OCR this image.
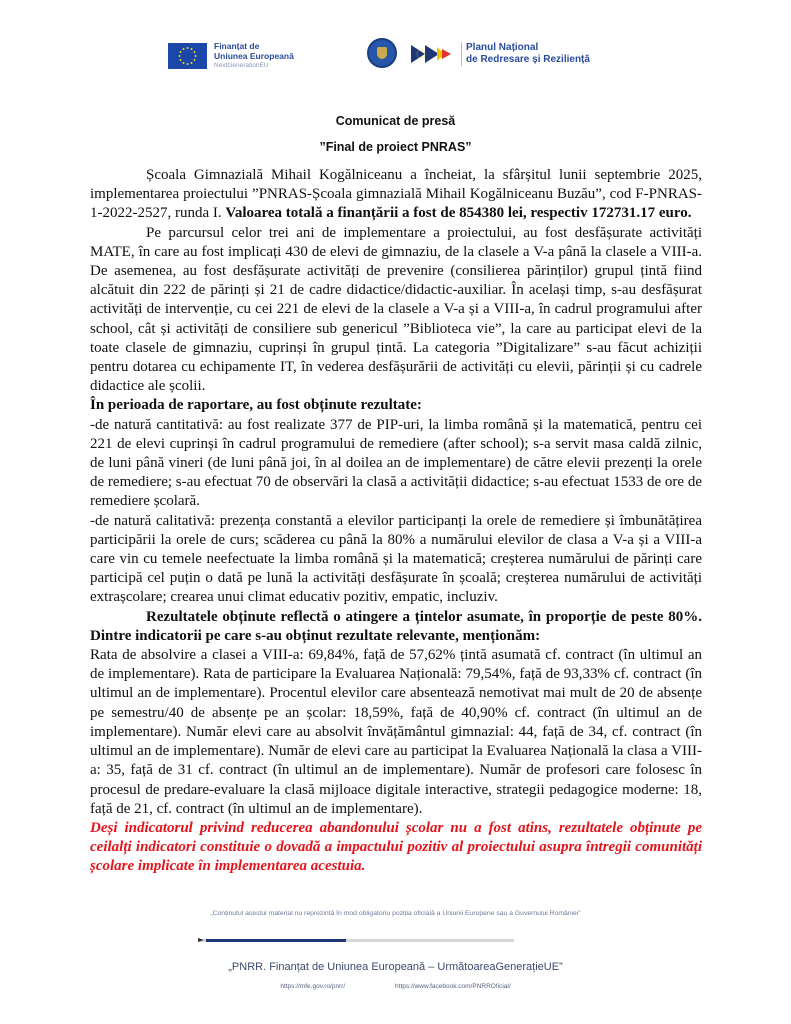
Finanțat de
Uniunea Europeană
NextGenerationEU
Planul Național
de Redresare și Reziliență
Comunicat de presă
”Final de proiect PNRAS”

Școala Gimnazială Mihail Kogălniceanu a încheiat, la sfârșitul lunii septembrie 2025, implementarea proiectului ”PNRAS-Școala gimnazială Mihail Kogălniceanu Buzău”, cod F-PNRAS-1-2022-2527, runda I. Valoarea totală a finanțării a fost de 854380 lei, respectiv 172731.17 euro.

Pe parcursul celor trei ani de implementare a proiectului, au fost desfășurate activități MATE, în care au fost implicați 430 de elevi de gimnaziu, de la clasele a V-a până la clasele a VIII-a. De asemenea, au fost desfășurate activități de prevenire (consilierea părinților) grupul țintă fiind alcătuit din 222 de părinți și 21 de cadre didactice/didactic-auxiliar. În același timp, s-au desfășurat activități de intervenție, cu cei 221 de elevi de la clasele a V-a și a VIII-a, în cadrul programului after school, cât și activități de consiliere sub genericul ”Biblioteca vie”, la care au participat elevi de la toate clasele de gimnaziu, cuprinși în grupul țintă. La categoria ”Digitalizare” s-au făcut achiziții pentru dotarea cu echipamente IT, în vederea desfășurării de activități cu elevii, părinții și cu cadrele didactice ale școlii.

În perioada de raportare, au fost obținute rezultate:

-de natură cantitativă: au fost realizate 377 de PIP-uri, la limba română și la matematică, pentru cei 221 de elevi cuprinși în cadrul programului de remediere (after school); s-a servit masa caldă zilnic, de luni până vineri (de luni până joi, în al doilea an de implementare) de către elevii prezenți la orele de remediere; s-au efectuat 70 de observări la clasă a activității didactice; s-au efectuat 1533 de ore de remediere școlară.

-de natură calitativă: prezența constantă a elevilor participanți la orele de remediere și îmbunătățirea participării la orele de curs; scăderea cu până la 80% a numărului elevilor de clasa a V-a și a VIII-a care vin cu temele neefectuate la limba română și la matematică; creșterea numărului de părinți care participă cel puțin o dată pe lună la activități desfășurate în școală; creșterea numărului de activități extrașcolare; crearea unui climat educativ pozitiv, empatic, incluziv.

Rezultatele obținute reflectă o atingere a țintelor asumate, în proporție de peste 80%. Dintre indicatorii pe care s-au obținut rezultate relevante, menționăm:

Rata de absolvire a clasei a VIII-a: 69,84%, față de 57,62% țintă asumată cf. contract (în ultimul an de implementare). Rata de participare la Evaluarea Națională: 79,54%, față de 93,33% cf. contract (în ultimul an de implementare). Procentul elevilor care absentează nemotivat mai mult de 20 de absențe pe semestru/40 de absențe pe an școlar: 18,59%, față de 40,90% cf. contract (în ultimul an de implementare). Număr elevi care au absolvit învățământul gimnazial: 44, față de 34, cf. contract (în ultimul an de implementare). Număr de elevi care au participat la Evaluarea Națională la clasa a VIII-a: 35, față de 31 cf. contract (în ultimul an de implementare). Număr de profesori care folosesc în procesul de predare-evaluare la clasă mijloace digitale interactive, strategii pedagogice moderne: 18, față de 21, cf. contract (în ultimul an de implementare).

Deși indicatorul privind reducerea abandonului școlar nu a fost atins, rezultatele obținute pe ceilalți indicatori constituie o dovadă a impactului pozitiv al proiectului asupra întregii comunități școlare implicate în implementarea acestuia.

„Conținutul acestui material nu reprezintă în mod obligatoriu poziția oficială a Uniunii Europene sau a Guvernului României”
„PNRR. Finanțat de Uniunea Europeană – UrmătoareaGenerațieUE”
https://mfe.gov.ro/pnrr/	https://www.facebook.com/PNRROficial/
